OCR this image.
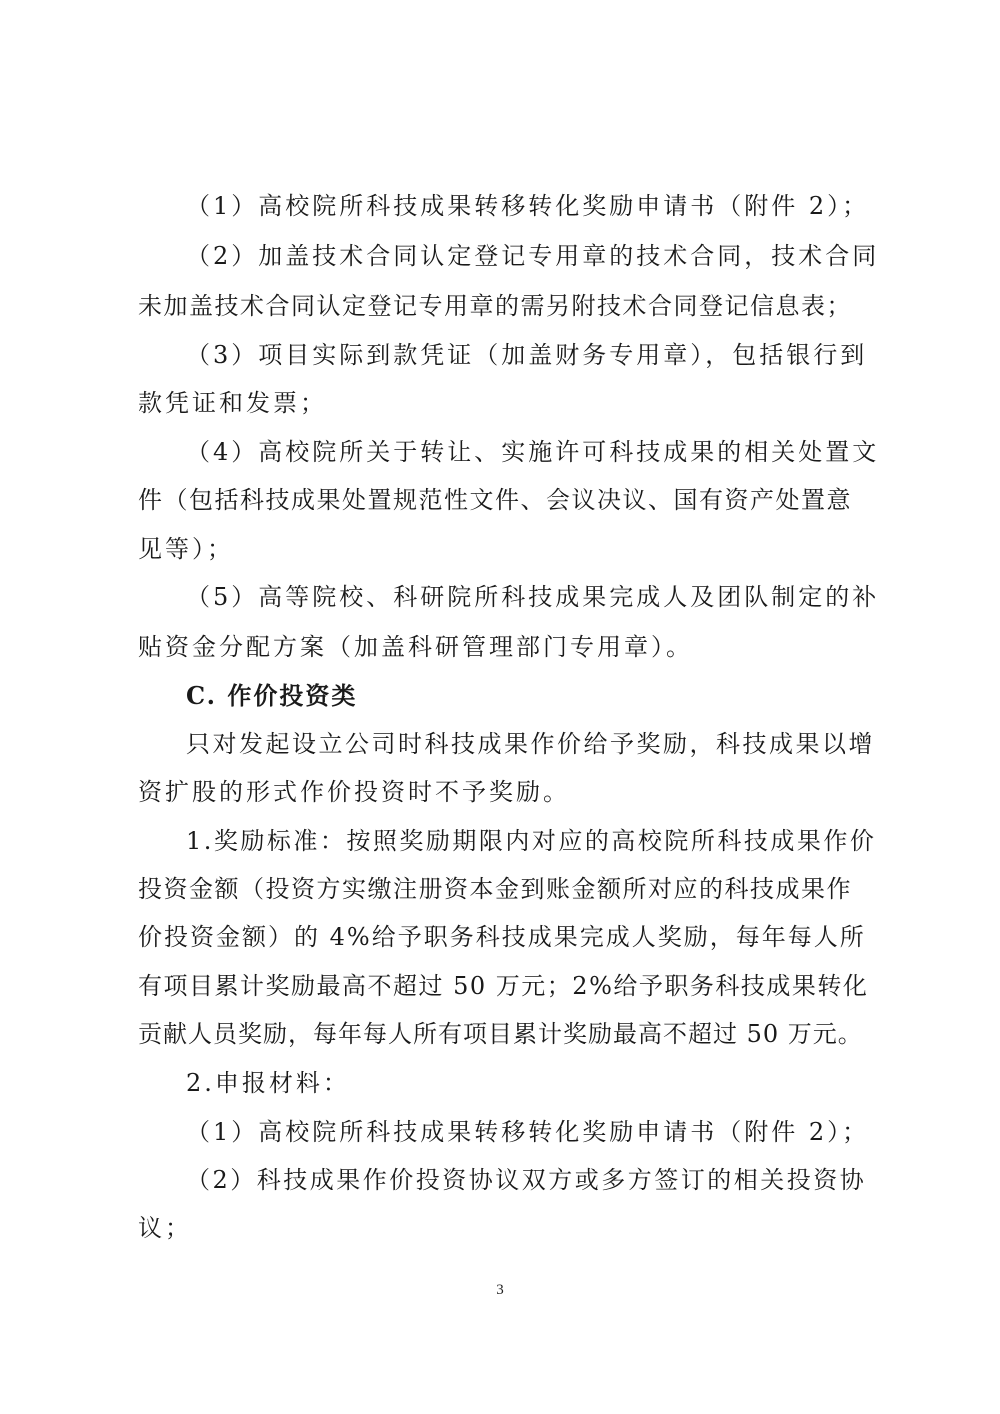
（1）高校院所科技成果转移转化奖励申请书（附件 2）；
（2）加盖技术合同认定登记专用章的技术合同，技术合同
未加盖技术合同认定登记专用章的需另附技术合同登记信息表；
（3）项目实际到款凭证（加盖财务专用章），包括银行到
款凭证和发票；
（4）高校院所关于转让、实施许可科技成果的相关处置文
件（包括科技成果处置规范性文件、会议决议、国有资产处置意
见等）；
（5）高等院校、科研院所科技成果完成人及团队制定的补
贴资金分配方案（加盖科研管理部门专用章）。
C. 作价投资类
只对发起设立公司时科技成果作价给予奖励，科技成果以增
资扩股的形式作价投资时不予奖励。
1.奖励标准：按照奖励期限内对应的高校院所科技成果作价
投资金额（投资方实缴注册资本金到账金额所对应的科技成果作
价投资金额）的 4%给予职务科技成果完成人奖励，每年每人所
有项目累计奖励最高不超过 50 万元；2%给予职务科技成果转化
贡献人员奖励，每年每人所有项目累计奖励最高不超过 50 万元。
2.申报材料：
（1）高校院所科技成果转移转化奖励申请书（附件 2）；
（2）科技成果作价投资协议双方或多方签订的相关投资协
议；
3
